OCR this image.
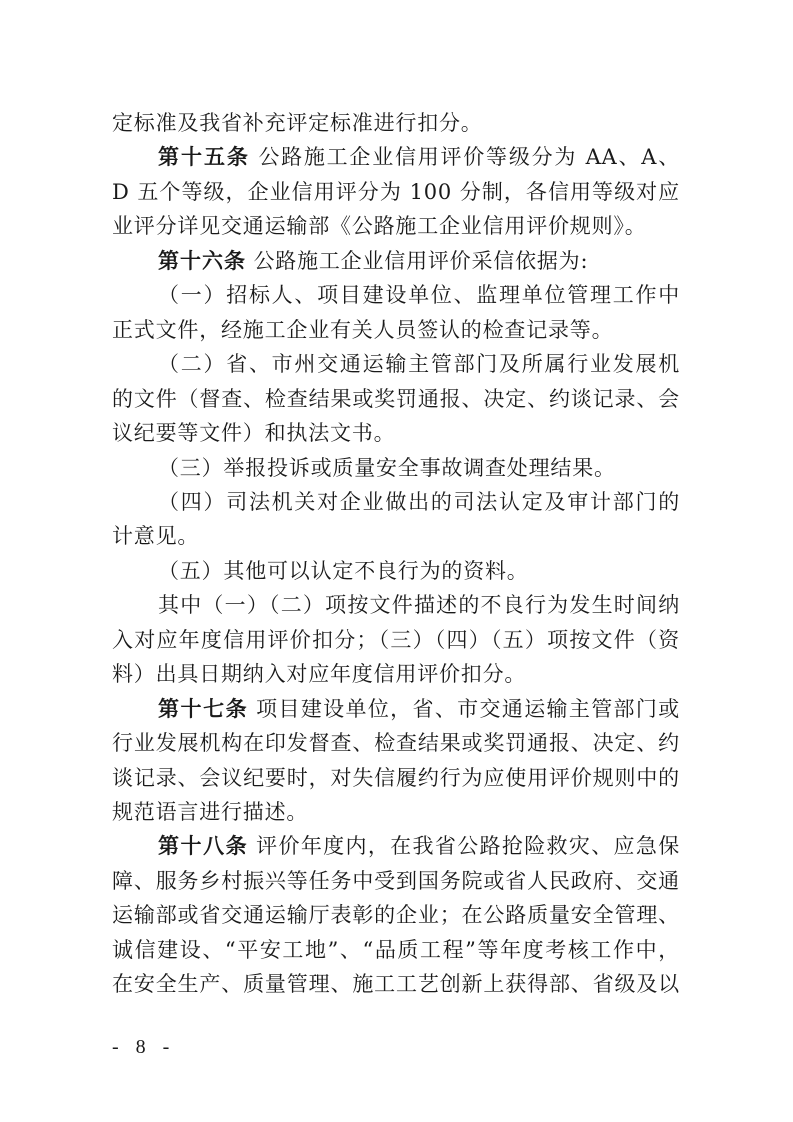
定标准及我省补充评定标准进行扣分。
第十五条 公路施工企业信用评价等级分为 AA、A、
D 五个等级，企业信用评分为 100 分制，各信用等级对应
业评分详见交通运输部《公路施工企业信用评价规则》。
第十六条 公路施工企业信用评价采信依据为:
（一）招标人、项目建设单位、监理单位管理工作中
正式文件，经施工企业有关人员签认的检查记录等。
（二）省、市州交通运输主管部门及所属行业发展机
的文件（督查、检查结果或奖罚通报、决定、约谈记录、会
议纪要等文件）和执法文书。
（三）举报投诉或质量安全事故调查处理结果。
（四）司法机关对企业做出的司法认定及审计部门的
计意见。
（五）其他可以认定不良行为的资料。
其中（一）（二）项按文件描述的不良行为发生时间纳
入对应年度信用评价扣分；（三）（四）（五）项按文件（资
料）出具日期纳入对应年度信用评价扣分。
第十七条 项目建设单位，省、市交通运输主管部门或
行业发展机构在印发督查、检查结果或奖罚通报、决定、约
谈记录、会议纪要时，对失信履约行为应使用评价规则中的
规范语言进行描述。
第十八条 评价年度内，在我省公路抢险救灾、应急保
障、服务乡村振兴等任务中受到国务院或省人民政府、交通
运输部或省交通运输厅表彰的企业；在公路质量安全管理、
诚信建设、“平安工地”、“品质工程”等年度考核工作中，
在安全生产、质量管理、施工工艺创新上获得部、省级及以
- 8 -
